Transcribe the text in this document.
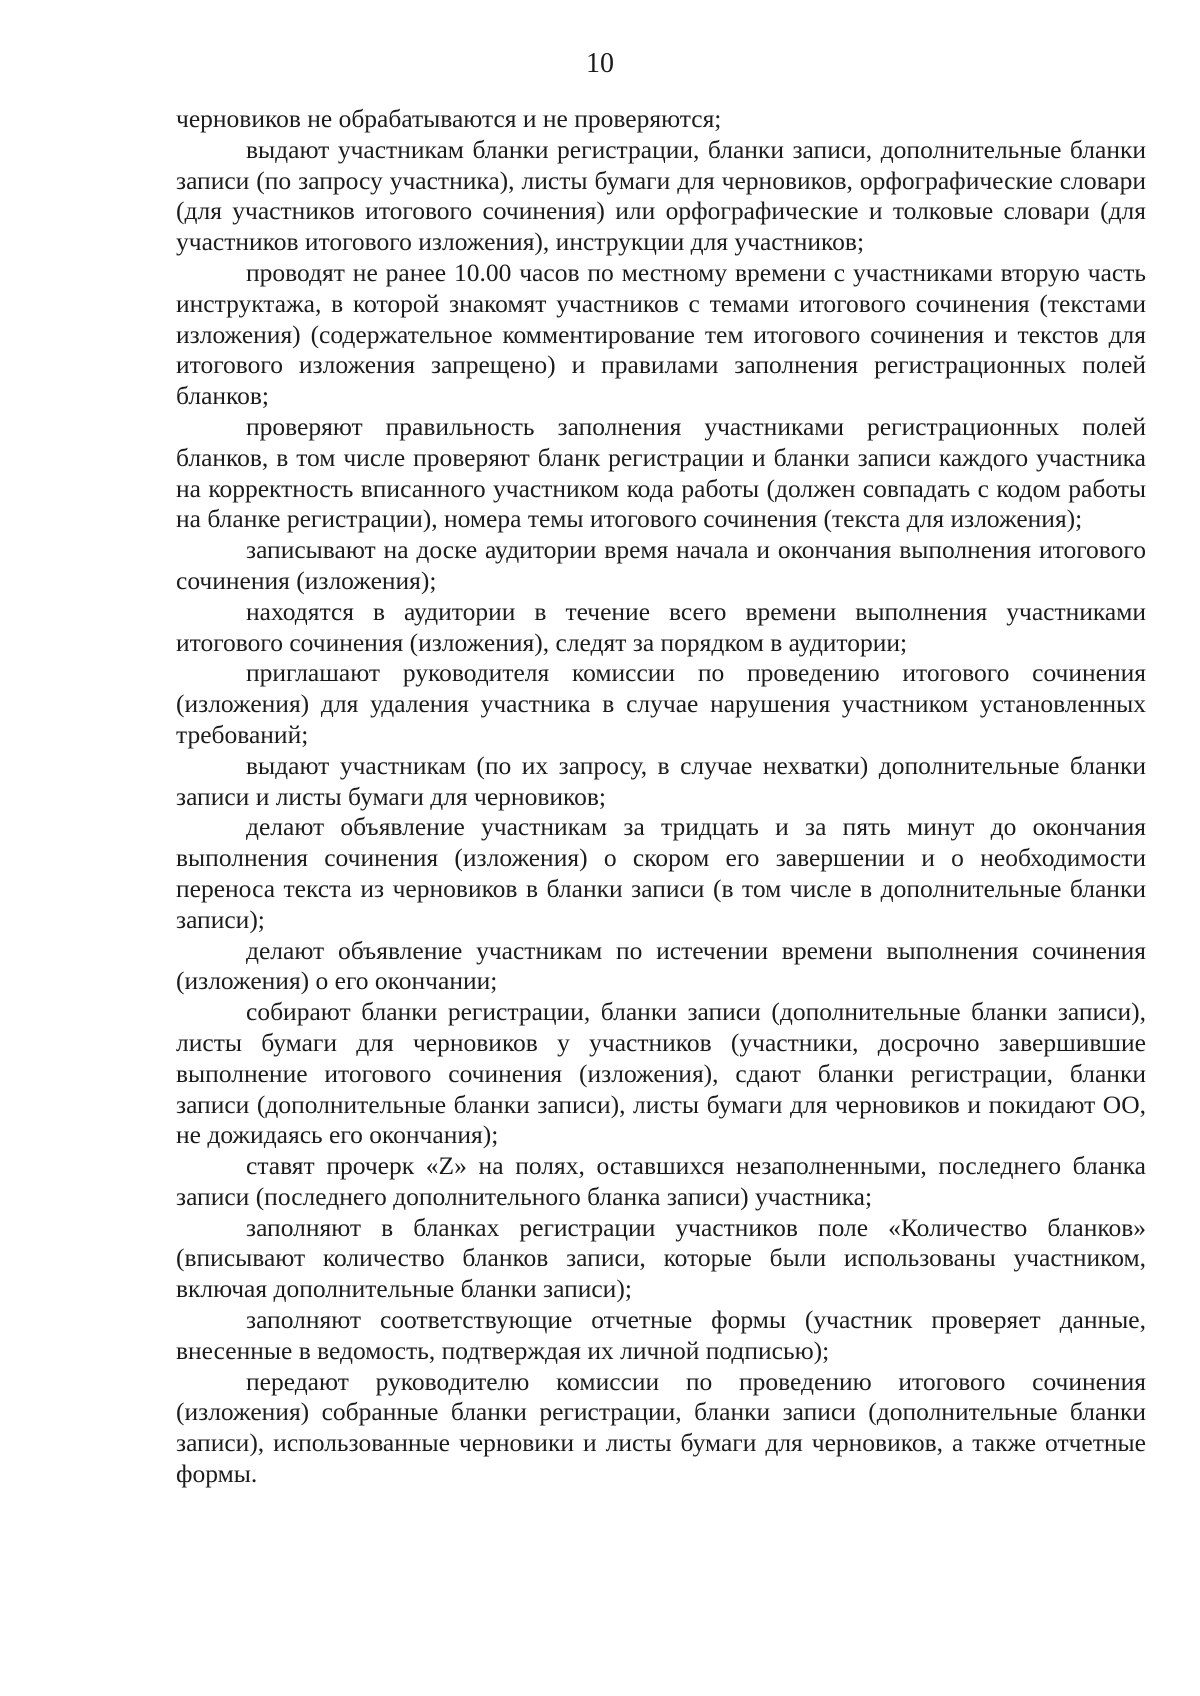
10

черновиков не обрабатываются и не проверяются;

выдают участникам бланки регистрации, бланки записи, дополнительные бланки записи (по запросу участника), листы бумаги для черновиков, орфографические словари (для участников итогового сочинения) или орфографические и толковые словари (для участников итогового изложения), инструкции для участников;

проводят не ранее 10.00 часов по местному времени с участниками вторую часть инструктажа, в которой знакомят участников с темами итогового сочинения (текстами изложения) (содержательное комментирование тем итогового сочинения и текстов для итогового изложения запрещено) и правилами заполнения регистрационных полей бланков;

проверяют правильность заполнения участниками регистрационных полей бланков, в том числе проверяют бланк регистрации и бланки записи каждого участника на корректность вписанного участником кода работы (должен совпадать с кодом работы на бланке регистрации), номера темы итогового сочинения (текста для изложения);

записывают на доске аудитории время начала и окончания выполнения итогового сочинения (изложения);

находятся в аудитории в течение всего времени выполнения участниками итогового сочинения (изложения), следят за порядком в аудитории;

приглашают руководителя комиссии по проведению итогового сочинения (изложения) для удаления участника в случае нарушения участником установленных требований;

выдают участникам (по их запросу, в случае нехватки) дополнительные бланки записи и листы бумаги для черновиков;

делают объявление участникам за тридцать и за пять минут до окончания выполнения сочинения (изложения) о скором его завершении и о необходимости переноса текста из черновиков в бланки записи (в том числе в дополнительные бланки записи);

делают объявление участникам по истечении времени выполнения сочинения (изложения) о его окончании;

собирают бланки регистрации, бланки записи (дополнительные бланки записи), листы бумаги для черновиков у участников (участники, досрочно завершившие выполнение итогового сочинения (изложения), сдают бланки регистрации, бланки записи (дополнительные бланки записи), листы бумаги для черновиков и покидают ОО, не дожидаясь его окончания);

ставят прочерк «Z» на полях, оставшихся незаполненными, последнего бланка записи (последнего дополнительного бланка записи) участника;

заполняют в бланках регистрации участников поле «Количество бланков» (вписывают количество бланков записи, которые были использованы участником, включая дополнительные бланки записи);

заполняют соответствующие отчетные формы (участник проверяет данные, внесенные в ведомость, подтверждая их личной подписью);

передают руководителю комиссии по проведению итогового сочинения (изложения) собранные бланки регистрации, бланки записи (дополнительные бланки записи), использованные черновики и листы бумаги для черновиков, а также отчетные формы.
